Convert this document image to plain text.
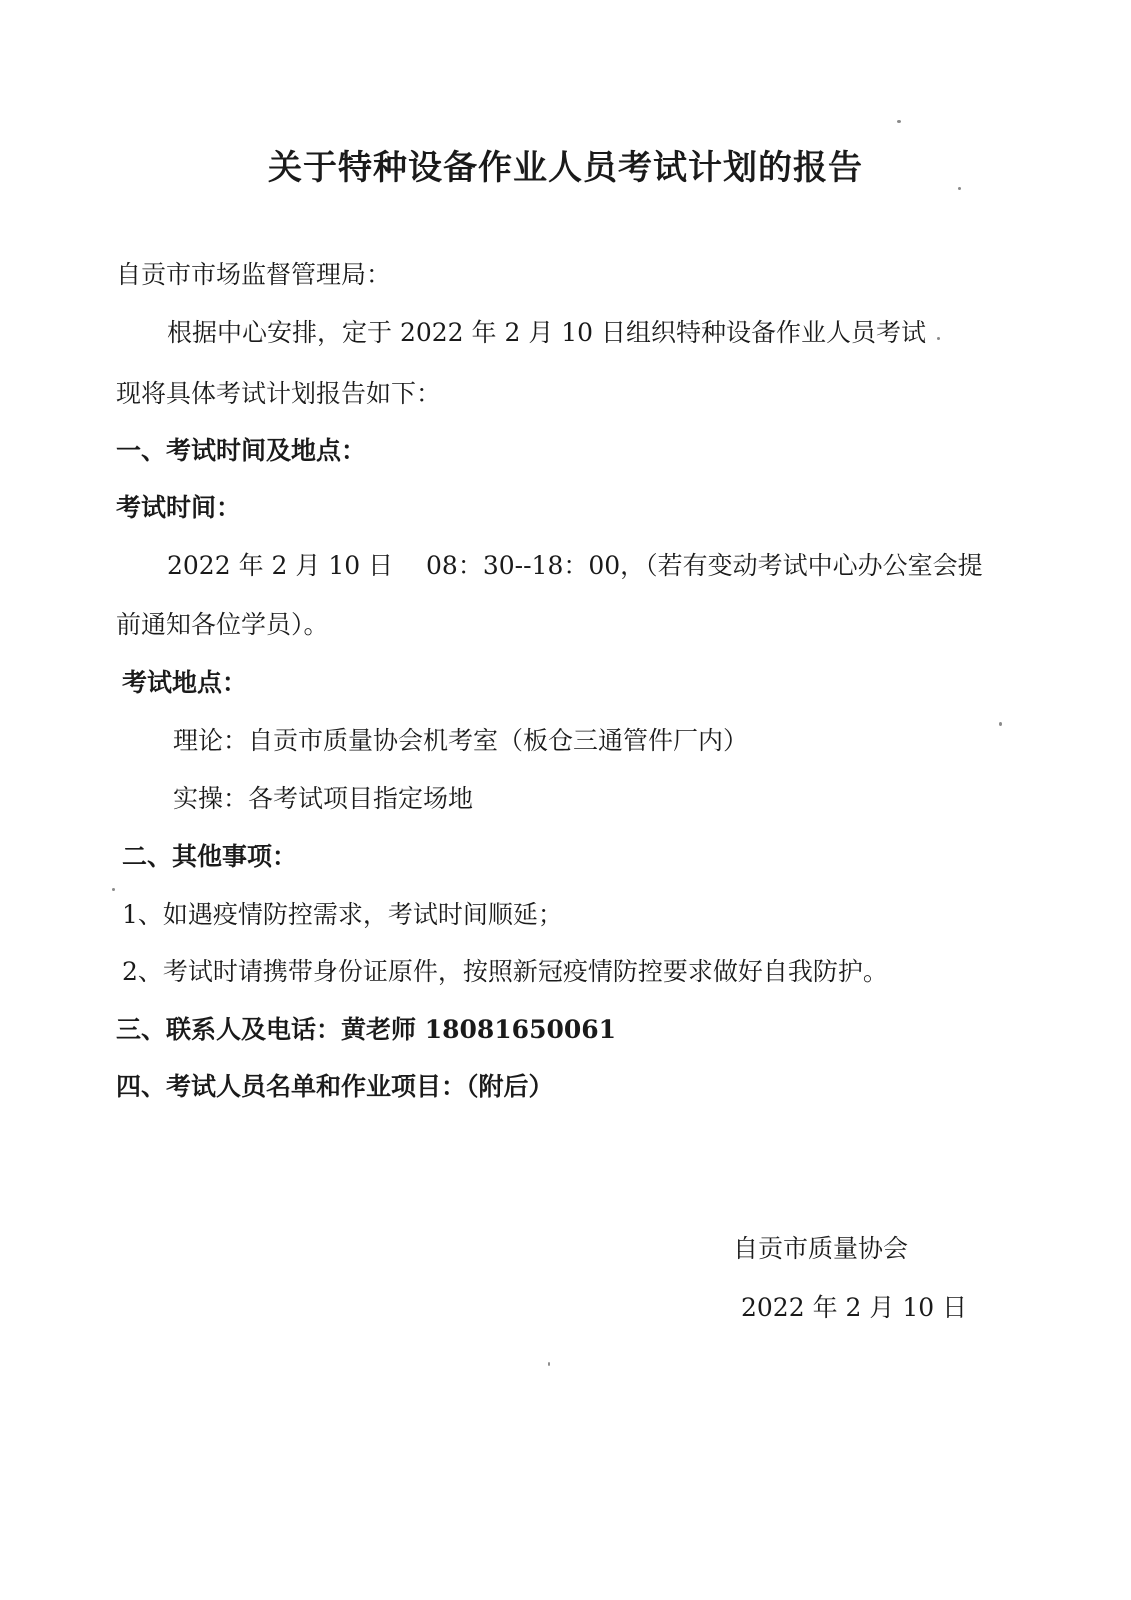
关于特种设备作业人员考试计划的报告
自贡市市场监督管理局：
根据中心安排，定于 2022 年 2 月 10 日组织特种设备作业人员考试
现将具体考试计划报告如下：
一、考试时间及地点：
考试时间：
2022 年 2 月 10 日　 08：30--18：00，（若有变动考试中心办公室会提
前通知各位学员）。
考试地点：
理论：自贡市质量协会机考室（板仓三通管件厂内）
实操：各考试项目指定场地
二、其他事项：
1、如遇疫情防控需求，考试时间顺延；
2、考试时请携带身份证原件，按照新冠疫情防控要求做好自我防护。
三、联系人及电话：黄老师 18081650061
四、考试人员名单和作业项目：（附后）
自贡市质量协会
2022 年 2 月 10 日
